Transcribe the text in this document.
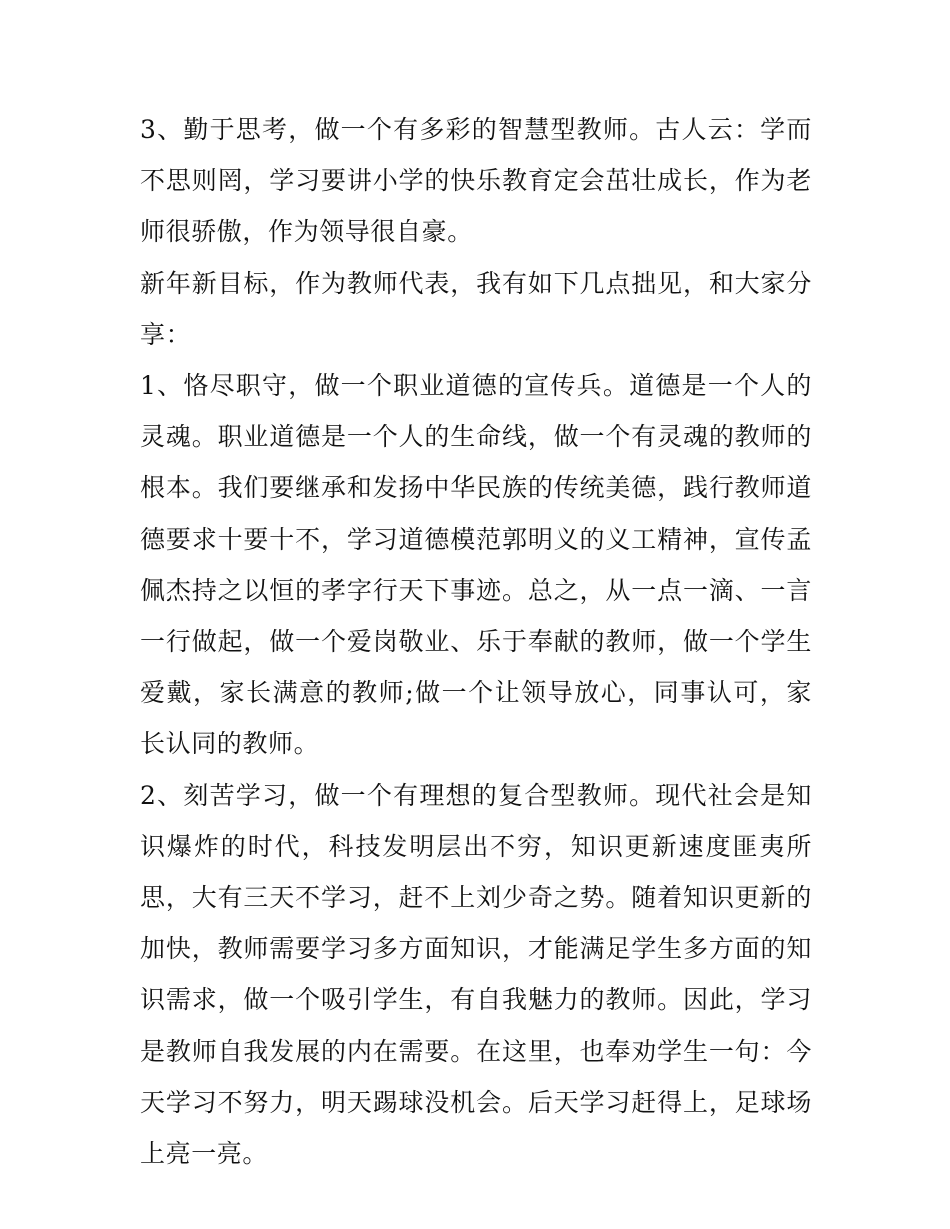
3、勤于思考，做一个有多彩的智慧型教师。古人云：学而不思则罔，学习要讲小学的快乐教育定会茁壮成长，作为老师很骄傲，作为领导很自豪。

新年新目标，作为教师代表，我有如下几点拙见，和大家分享：

1、恪尽职守，做一个职业道德的宣传兵。道德是一个人的灵魂。职业道德是一个人的生命线，做一个有灵魂的教师的根本。我们要继承和发扬中华民族的传统美德，践行教师道德要求十要十不，学习道德模范郭明义的义工精神，宣传孟佩杰持之以恒的孝字行天下事迹。总之，从一点一滴、一言一行做起，做一个爱岗敬业、乐于奉献的教师，做一个学生爱戴，家长满意的教师;做一个让领导放心，同事认可，家长认同的教师。

2、刻苦学习，做一个有理想的复合型教师。现代社会是知识爆炸的时代，科技发明层出不穷，知识更新速度匪夷所思，大有三天不学习，赶不上刘少奇之势。随着知识更新的加快，教师需要学习多方面知识，才能满足学生多方面的知识需求，做一个吸引学生，有自我魅力的教师。因此，学习是教师自我发展的内在需要。在这里，也奉劝学生一句：今天学习不努力，明天踢球没机会。后天学习赶得上，足球场上亮一亮。
